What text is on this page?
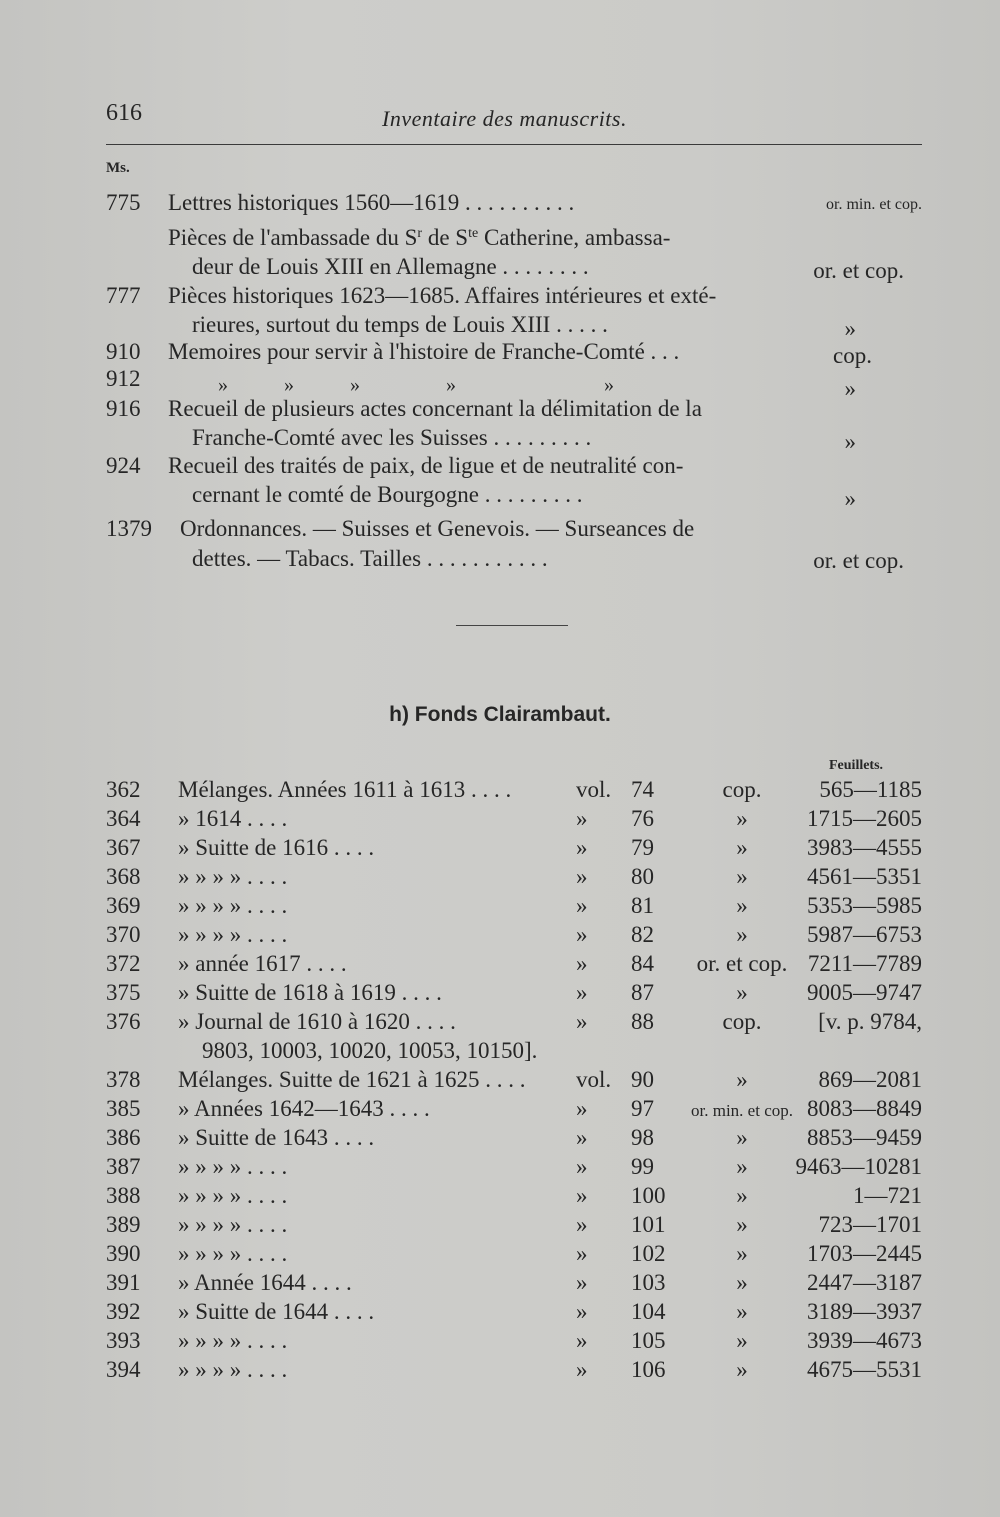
616	Inventaire des manuscrits.
Ms.
775 Lettres historiques 1560—1619 . . . . . . . . . .	or. min. et cop.
Pièces de l'ambassade du $S^r$ de $S^{te}$ Catherine, ambassa-
deur de Louis XIII en Allemagne . . . . . . . .	or. et cop.
777 Pièces historiques 1623—1685. Affaires intérieures et exté-
rieures, surtout du temps de Louis XIII . . . . .	»
910 Memoires pour servir à l'histoire de Franche-Comté . . .	cop.
912	»	»	»	»	»	»
916 Recueil de plusieurs actes concernant la délimitation de la
Franche-Comté avec les Suisses . . . . . . . . .	»
924 Recueil des traités de paix, de ligue et de neutralité con-
cernant le comté de Bourgogne . . . . . . . . .	»
1379 Ordonnances. — Suisses et Genevois. — Surseances de
dettes. — Tabacs. Tailles . . . . . . . . . . .	or. et cop.
h) Fonds Clairambaut.
Feuillets.
362	Mélanges. Années 1611 à 1613 . . . .	vol.	74	cop.	565—1185
364	» 1614 . . . .	»	76	»	1715—2605
367	» Suitte de 1616 . . . .	»	79	»	3983—4555
368	» » » » . . . .	»	80	»	4561—5351
369	» » » » . . . .	»	81	»	5353—5985
370	» » » » . . . .	»	82	»	5987—6753
372	» année 1617 . . . .	»	84	or. et cop.	7211—7789
375	» Suitte de 1618 à 1619 . . . .	»	87	»	9005—9747
376	» Journal de 1610 à 1620 . . . .	»	88	cop.	[v. p. 9784,
9803, 10003, 10020, 10053, 10150].					
378	Mélanges. Suitte de 1621 à 1625 . . . .	vol.	90	»	869—2081
385	» Années 1642—1643 . . . .	»	97	or. min. et cop.	8083—8849
386	» Suitte de 1643 . . . .	»	98	»	8853—9459
387	» » » » . . . .	»	99	»	9463—10281
388	» » » » . . . .	»	100	»	1—721
389	» » » » . . . .	»	101	»	723—1701
390	» » » » . . . .	»	102	»	1703—2445
391	» Année 1644 . . . .	»	103	»	2447—3187
392	» Suitte de 1644 . . . .	»	104	»	3189—3937
393	» » » » . . . .	»	105	»	3939—4673
394	» » » » . . . .	»	106	»	4675—5531
